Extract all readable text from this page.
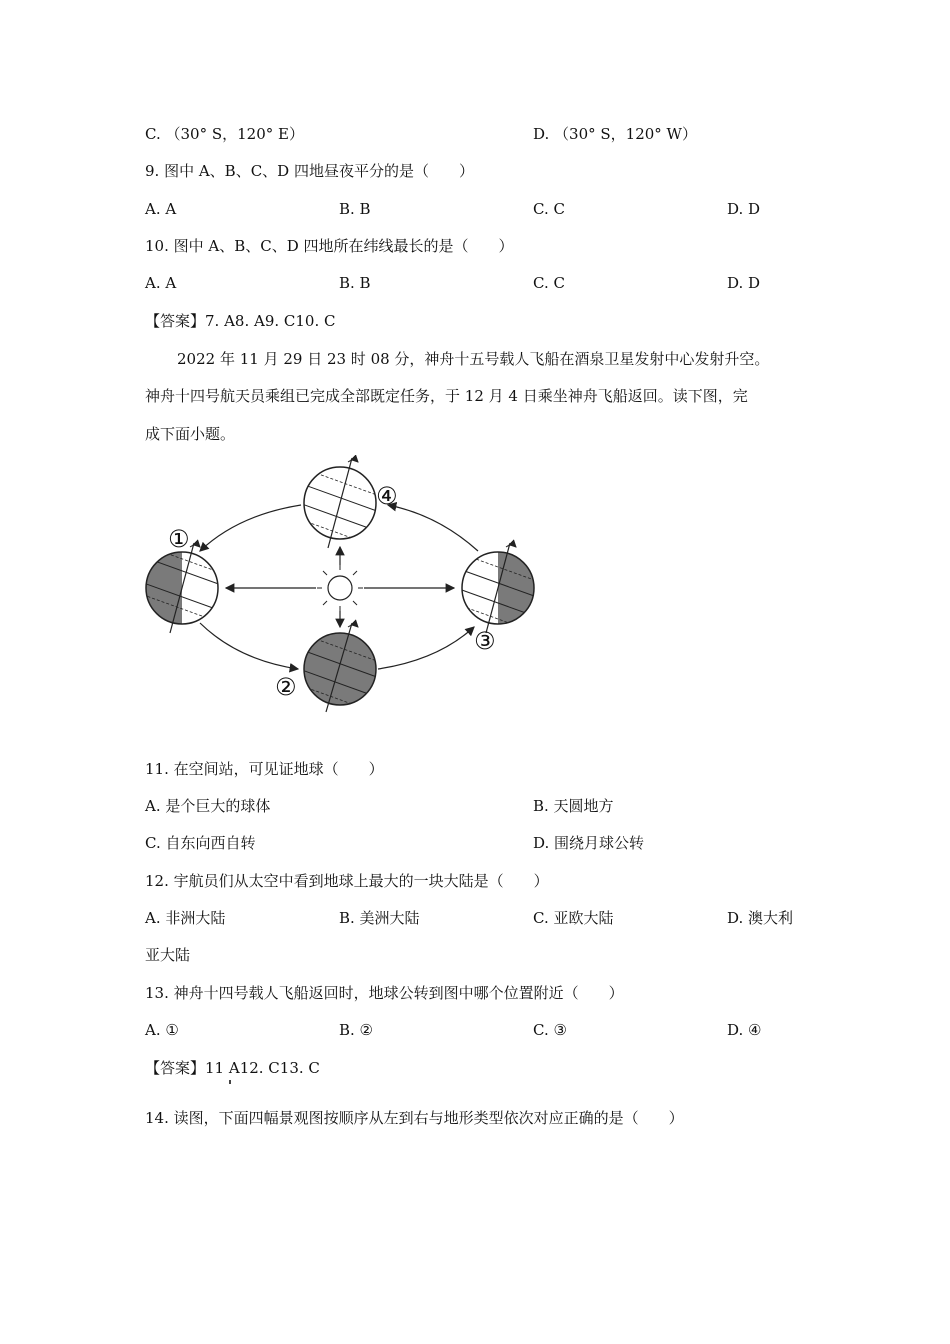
C. （30° S，120° E）	D. （30° S，120° W）
9. 图中 A、B、C、D 四地昼夜平分的是（　　）
A. A	B. B	C. C	D. D
10. 图中 A、B、C、D 四地所在纬线最长的是（　　）
A. A	B. B	C. C	D. D
【答案】7. A8. A9. C10. C
2022 年 11 月 29 日 23 时 08 分，神舟十五号载人飞船在酒泉卫星发射中心发射升空。
神舟十四号航天员乘组已完成全部既定任务，于 12 月 4 日乘坐神舟飞船返回。读下图，完
成下面小题。
①
②
③
④
11. 在空间站，可见证地球（　　）
A. 是个巨大的球体	B. 天圆地方
C. 自东向西自转	D. 围绕月球公转
12. 宇航员们从太空中看到地球上最大的一块大陆是（　　）
A. 非洲大陆	B. 美洲大陆	C. 亚欧大陆	D. 澳大利
亚大陆
13. 神舟十四号载人飞船返回时，地球公转到图中哪个位置附近（　　）
A. ①	B. ②	C. ③	D. ④
【答案】11 A12. C13. C
14. 读图，下面四幅景观图按顺序从左到右与地形类型依次对应正确的是（　　）
